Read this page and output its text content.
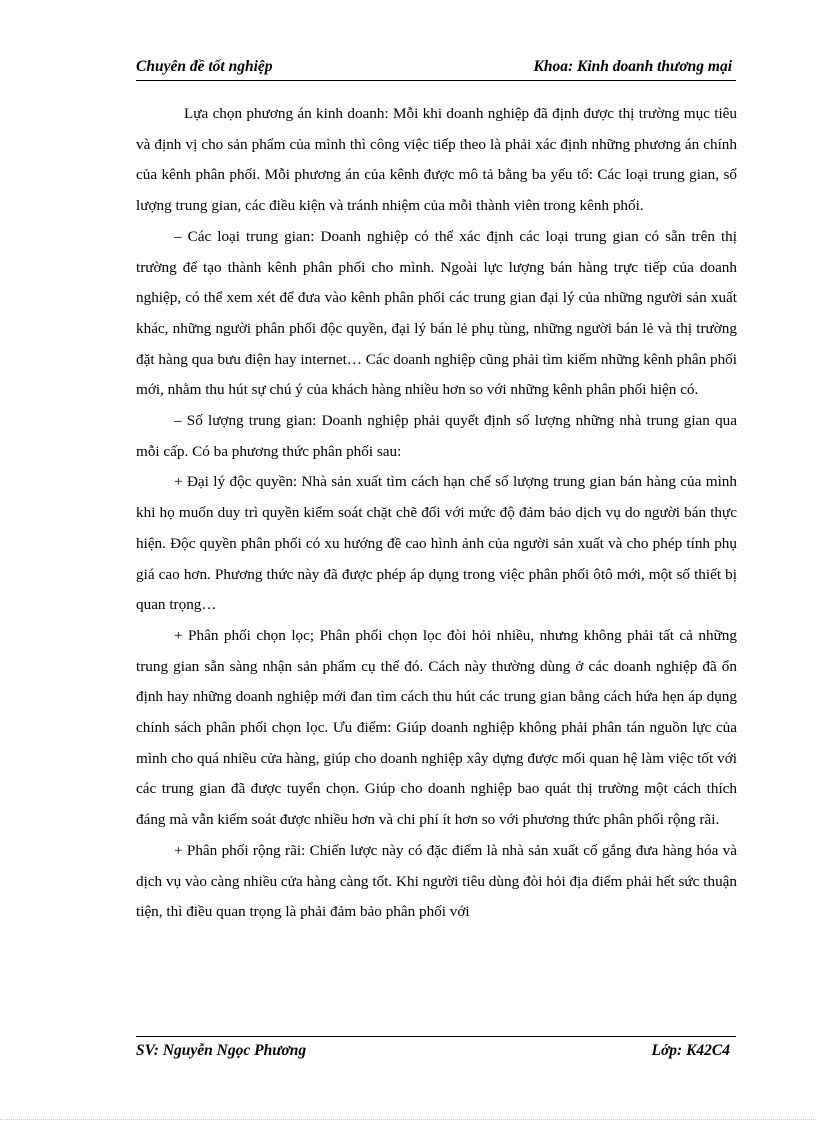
Chuyên đề tốt nghiệp	Khoa: Kinh doanh thương mại

Lựa chọn phương án kinh doanh: Mỗi khi doanh nghiệp đã định được thị trường mục tiêu và định vị cho sản phẩm của mình thì công việc tiếp theo là phải xác định những phương án chính của kênh phân phối. Mỗi phương án của kênh được mô tả bằng ba yếu tố: Các loại trung gian, số lượng trung gian, các điều kiện và tránh nhiệm của mỗi thành viên trong kênh phối.

– Các loại trung gian: Doanh nghiệp có thể xác định các loại trung gian có sẵn trên thị trường để tạo thành kênh phân phối cho mình. Ngoài lực lượng bán hàng trực tiếp của doanh nghiệp, có thể xem xét để đưa vào kênh phân phối các trung gian đại lý của những người sản xuất khác, những người phân phối độc quyền, đại lý bán lẻ phụ tùng, những người bán lẻ và thị trường đặt hàng qua bưu điện hay internet… Các doanh nghiệp cũng phải tìm kiếm những kênh phân phối mới, nhằm thu hút sự chú ý của khách hàng nhiều hơn so với những kênh phân phối hiện có.

– Số lượng trung gian: Doanh nghiệp phải quyết định số lượng những nhà trung gian qua mỗi cấp. Có ba phương thức phân phối sau:

+ Đại lý độc quyền: Nhà sản xuất tìm cách hạn chế số lượng trung gian bán hàng của mình khi họ muốn duy trì quyền kiểm soát chặt chẽ đối với mức độ đảm bảo dịch vụ do người bán thực hiện. Độc quyền phân phối có xu hướng đề cao hình ảnh của người sản xuất và cho phép tính phụ giá cao hơn. Phương thức này đã được phép áp dụng trong việc phân phối ôtô mới, một số thiết bị quan trọng…

+ Phân phối chọn lọc; Phân phối chọn lọc đòi hỏi nhiều, nhưng không phải tất cả những trung gian sẵn sàng nhận sản phẩm cụ thể đó. Cách này thường dùng ở các doanh nghiệp đã ổn định hay những doanh nghiệp mới đan tìm cách thu hút các trung gian bằng cách hứa hẹn áp dụng chính sách phân phối chọn lọc. Ưu điểm: Giúp doanh nghiệp không phải phân tán nguồn lực của mình cho quá nhiều cửa hàng, giúp cho doanh nghiệp xây dựng được mối quan hệ làm việc tốt với các trung gian đã được tuyển chọn. Giúp cho doanh nghiệp bao quát thị trường một cách thích đáng mà vẫn kiểm soát được nhiều hơn và chi phí ít hơn so với phương thức phân phối rộng rãi.

+ Phân phối rộng rãi: Chiến lược này có đặc điểm là nhà sản xuất cố gắng đưa hàng hóa và dịch vụ vào càng nhiều cửa hàng càng tốt. Khi người tiêu dùng đòi hỏi địa điểm phải hết sức thuận tiện, thì điều quan trọng là phải đảm bảo phân phối với

SV: Nguyễn Ngọc Phương	Lớp: K42C4
